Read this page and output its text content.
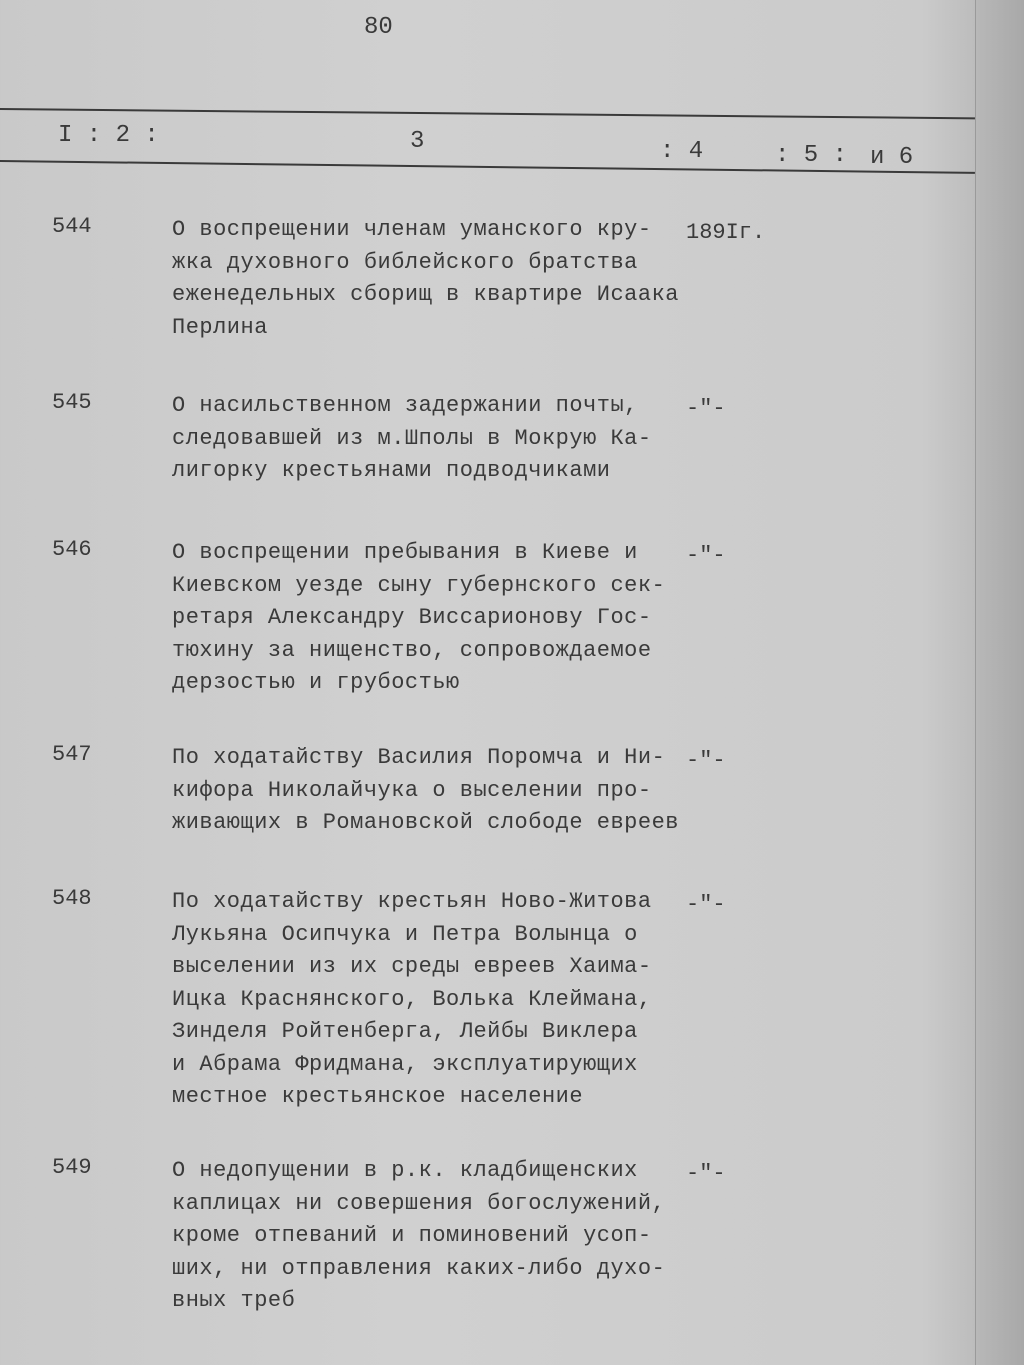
80
I : 2 :	3	: 4	: 5 : и 6
544	О воспрещении членам уманского кру-
жка духовного библейского братства
еженедельных сборищ в квартире Исаака
Перлина
189Iг.
545	О насильственном задержании почты,
следовавшей из м.Шполы в Мокрую Ка-
лигорку крестьянами подводчиками
-"-
546	О воспрещении пребывания в Киеве и
Киевском уезде сыну губернского сек-
ретаря Александру Виссарионову Гос-
тюхину за нищенство, сопровождаемое
дерзостью и грубостью
-"-
547	По ходатайству Василия Поромча и Ни-
кифора Николайчука о выселении про-
живающих в Романовской слободе евреев
-"-
548	По ходатайству крестьян Ново-Житова
Лукьяна Осипчука и Петра Волынца о
выселении из их среды евреев Хаима-
Ицка Краснянского, Волька Клеймана,
Зинделя Ройтенберга, Лейбы Виклера
и Абрама Фридмана, эксплуатирующих
местное крестьянское население
-"-
549	О недопущении в р.к. кладбищенских
каплицах ни совершения богослужений,
кроме отпеваний и поминовений усоп-
ших, ни отправления каких-либо духо-
вных треб
-"-
